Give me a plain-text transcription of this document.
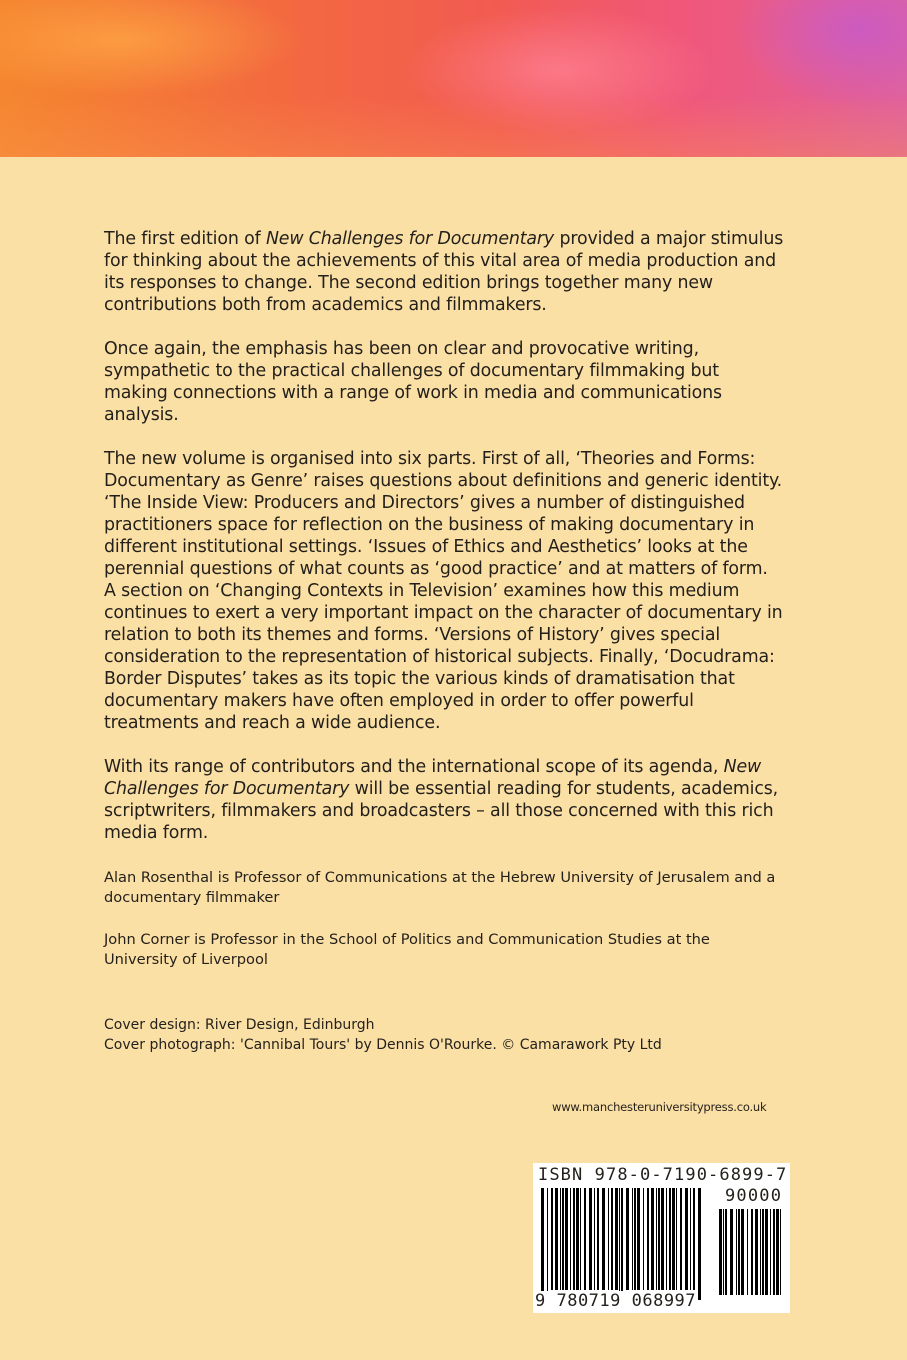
The first edition of New Challenges for Documentary provided a major stimulus for thinking about the achievements of this vital area of media production and its responses to change. The second edition brings together many new contributions both from academics and filmmakers.

Once again, the emphasis has been on clear and provocative writing, sympathetic to the practical challenges of documentary filmmaking but making connections with a range of work in media and communications analysis.

The new volume is organised into six parts. First of all, ‘Theories and Forms: Documentary as Genre’ raises questions about definitions and generic identity. ‘The Inside View: Producers and Directors’ gives a number of distinguished practitioners space for reflection on the business of making documentary in different institutional settings. ‘Issues of Ethics and Aesthetics’ looks at the perennial questions of what counts as ‘good practice’ and at matters of form. A section on ‘Changing Contexts in Television’ examines how this medium continues to exert a very important impact on the character of documentary in relation to both its themes and forms. ‘Versions of History’ gives special consideration to the representation of historical subjects. Finally, ‘Docudrama: Border Disputes’ takes as its topic the various kinds of dramatisation that documentary makers have often employed in order to offer powerful treatments and reach a wide audience.

With its range of contributors and the international scope of its agenda, New Challenges for Documentary will be essential reading for students, academics, scriptwriters, filmmakers and broadcasters – all those concerned with this rich media form.

Alan Rosenthal is Professor of Communications at the Hebrew University of Jerusalem and a documentary filmmaker

John Corner is Professor in the School of Politics and Communication Studies at the University of Liverpool

Cover design: River Design, Edinburgh
Cover photograph: 'Cannibal Tours' by Dennis O'Rourke. © Camarawork Pty Ltd
www.manchesteruniversitypress.co.uk
ISBN 978-0-7190-6899-7
90000
9 780719 068997
